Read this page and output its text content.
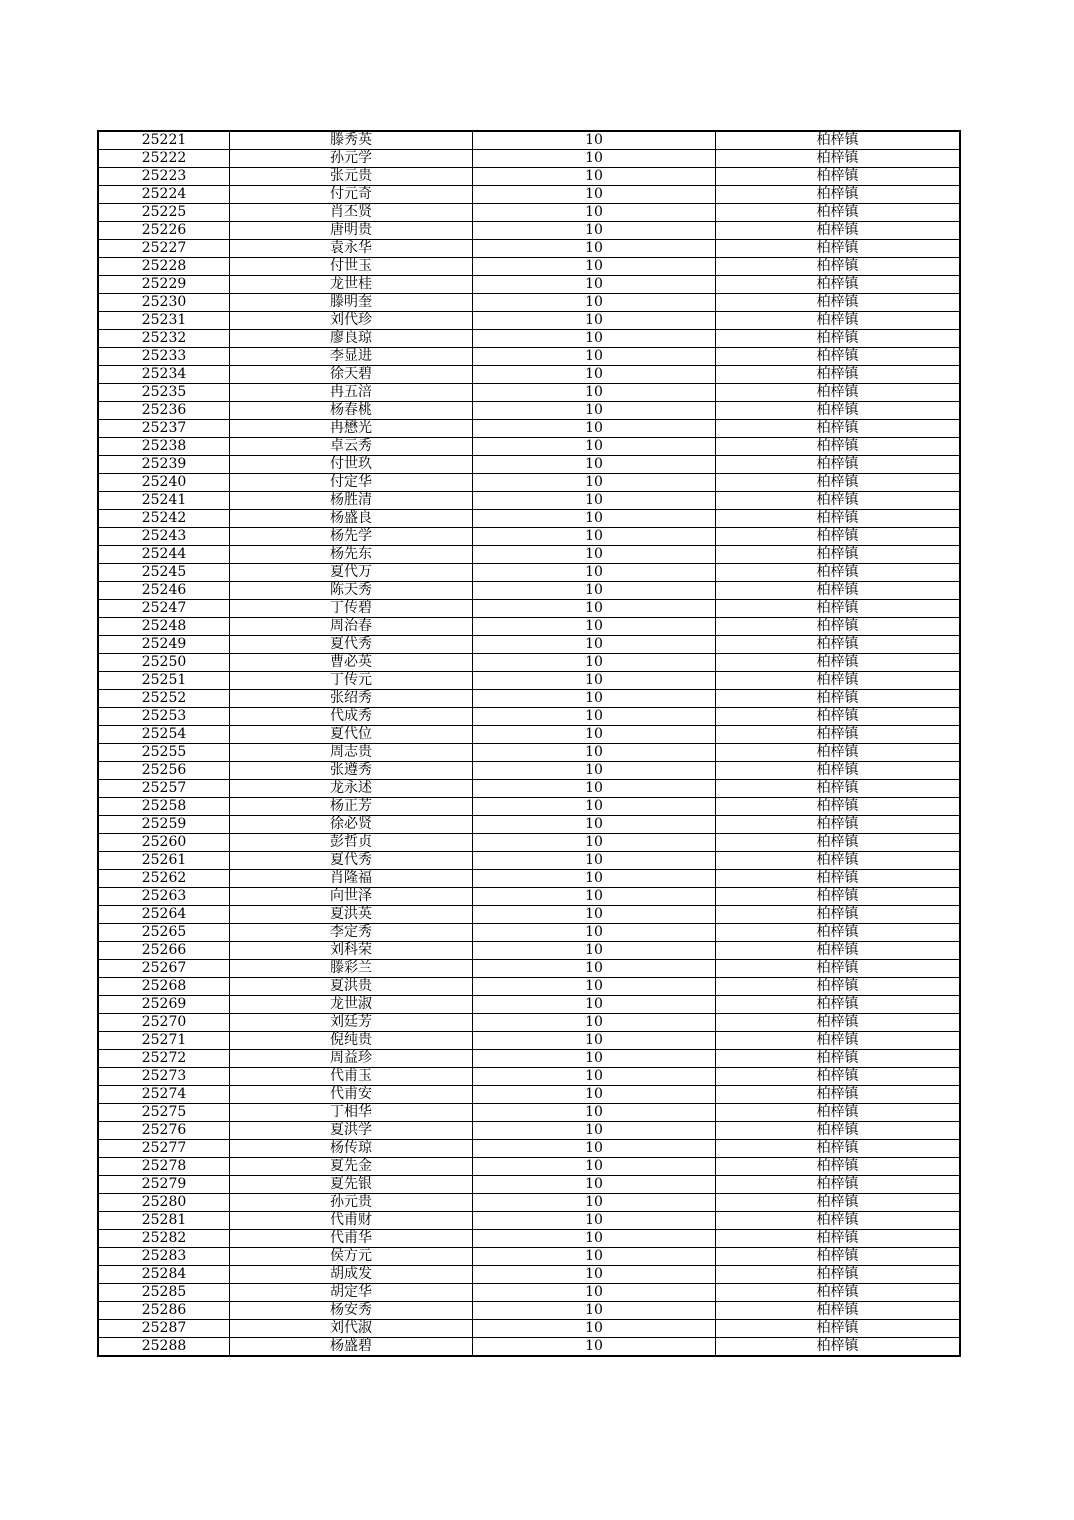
25221	滕秀英	10	柏梓镇
25222	孙元学	10	柏梓镇
25223	张元贵	10	柏梓镇
25224	付元奇	10	柏梓镇
25225	肖丕贤	10	柏梓镇
25226	唐明贵	10	柏梓镇
25227	袁永华	10	柏梓镇
25228	付世玉	10	柏梓镇
25229	龙世桂	10	柏梓镇
25230	滕明奎	10	柏梓镇
25231	刘代珍	10	柏梓镇
25232	廖良琼	10	柏梓镇
25233	李显进	10	柏梓镇
25234	徐天碧	10	柏梓镇
25235	冉五涪	10	柏梓镇
25236	杨春桃	10	柏梓镇
25237	冉懋光	10	柏梓镇
25238	卓云秀	10	柏梓镇
25239	付世玖	10	柏梓镇
25240	付定华	10	柏梓镇
25241	杨胜清	10	柏梓镇
25242	杨盛良	10	柏梓镇
25243	杨先学	10	柏梓镇
25244	杨先东	10	柏梓镇
25245	夏代万	10	柏梓镇
25246	陈天秀	10	柏梓镇
25247	丁传碧	10	柏梓镇
25248	周治春	10	柏梓镇
25249	夏代秀	10	柏梓镇
25250	曹必英	10	柏梓镇
25251	丁传元	10	柏梓镇
25252	张绍秀	10	柏梓镇
25253	代成秀	10	柏梓镇
25254	夏代位	10	柏梓镇
25255	周志贵	10	柏梓镇
25256	张遵秀	10	柏梓镇
25257	龙永述	10	柏梓镇
25258	杨正芳	10	柏梓镇
25259	徐必贤	10	柏梓镇
25260	彭哲贞	10	柏梓镇
25261	夏代秀	10	柏梓镇
25262	肖隆福	10	柏梓镇
25263	向世泽	10	柏梓镇
25264	夏洪英	10	柏梓镇
25265	李定秀	10	柏梓镇
25266	刘科荣	10	柏梓镇
25267	滕彩兰	10	柏梓镇
25268	夏洪贵	10	柏梓镇
25269	龙世淑	10	柏梓镇
25270	刘廷芳	10	柏梓镇
25271	倪纯贵	10	柏梓镇
25272	周益珍	10	柏梓镇
25273	代甫玉	10	柏梓镇
25274	代甫安	10	柏梓镇
25275	丁相华	10	柏梓镇
25276	夏洪学	10	柏梓镇
25277	杨传琼	10	柏梓镇
25278	夏先金	10	柏梓镇
25279	夏先银	10	柏梓镇
25280	孙元贵	10	柏梓镇
25281	代甫财	10	柏梓镇
25282	代甫华	10	柏梓镇
25283	侯方元	10	柏梓镇
25284	胡成发	10	柏梓镇
25285	胡定华	10	柏梓镇
25286	杨安秀	10	柏梓镇
25287	刘代淑	10	柏梓镇
25288	杨盛碧	10	柏梓镇
